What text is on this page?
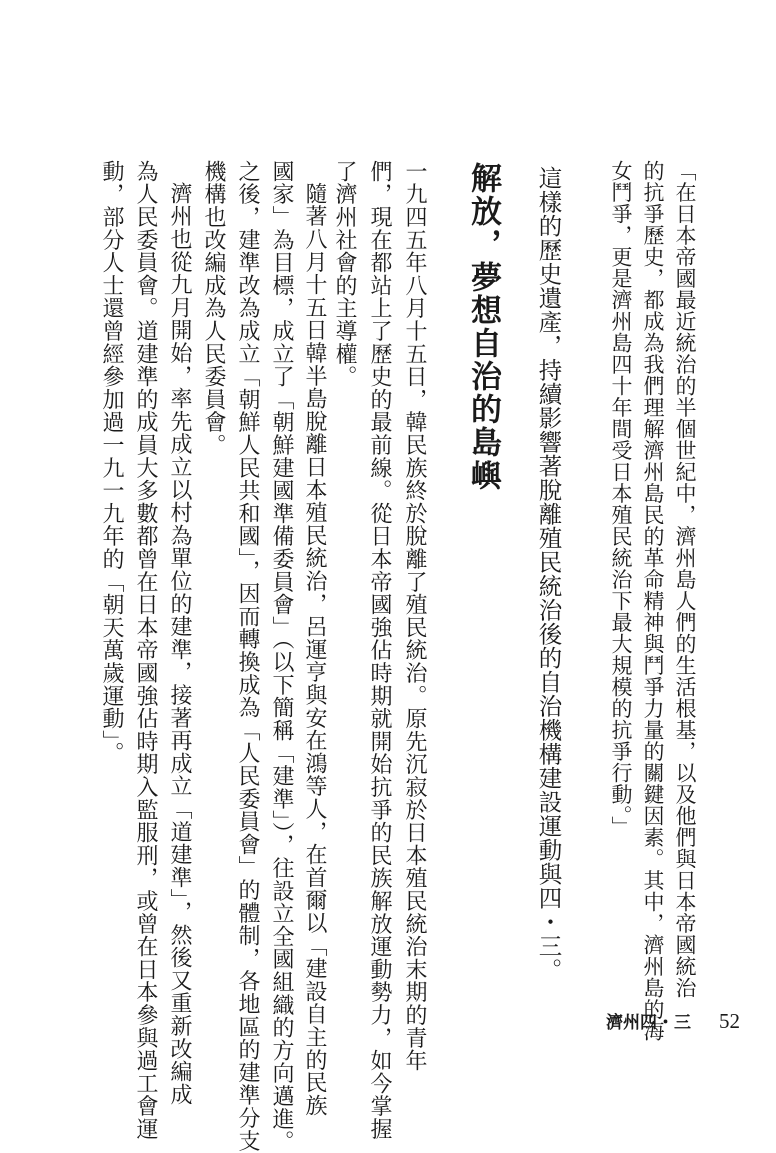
「在日本帝國最近統治的半個世紀中，濟州島人們的生活根基，以及他們與日本帝國統治
的抗爭歷史，都成為我們理解濟州島民的革命精神與鬥爭力量的關鍵因素。其中，濟州島的海
女鬥爭，更是濟州島四十年間受日本殖民統治下最大規模的抗爭行動。」
這樣的歷史遺產，持續影響著脫離殖民統治後的自治機構建設運動與四・三。
解放，夢想自治的島嶼
一九四五年八月十五日，韓民族終於脫離了殖民統治。原先沉寂於日本殖民統治末期的青年
們，現在都站上了歷史的最前線。從日本帝國強佔時期就開始抗爭的民族解放運動勢力，如今掌握
了濟州社會的主導權。
隨著八月十五日韓半島脫離日本殖民統治，呂運亨與安在鴻等人，在首爾以「建設自主的民族
國家」為目標，成立了「朝鮮建國準備委員會」（以下簡稱「建準」），往設立全國組織的方向邁進。
之後，建準改為成立「朝鮮人民共和國」，因而轉換成為「人民委員會」的體制，各地區的建準分支
機構也改編成為人民委員會。
濟州也從九月開始，率先成立以村為單位的建準，接著再成立「道建準」，然後又重新改編成
為人民委員會。道建準的成員大多數都曾在日本帝國強佔時期入監服刑，或曾在日本參與過工會運
動，部分人士還曾經參加過一九一九年的「朝天萬歲運動」。
濟州四・三 52
